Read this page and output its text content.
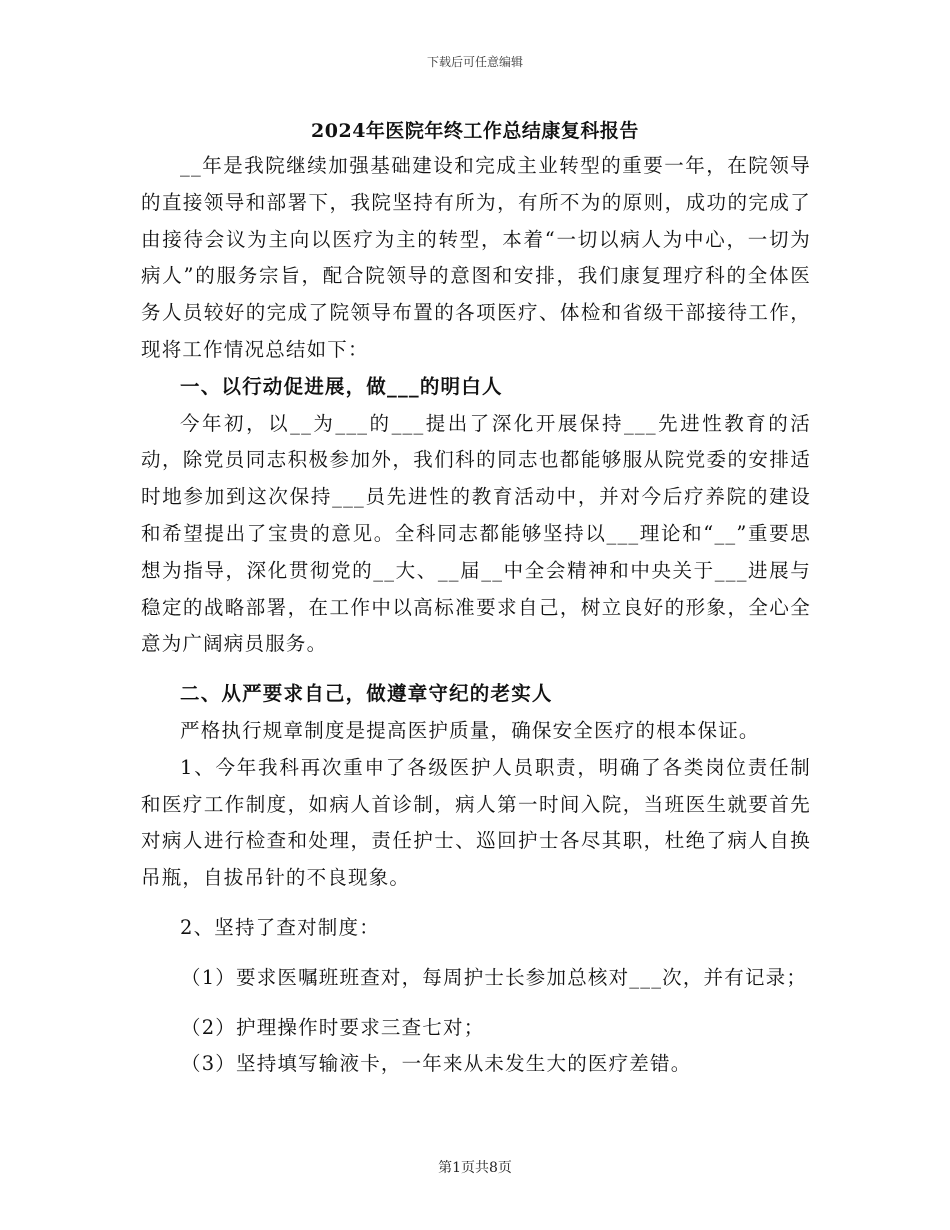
下载后可任意编辑
2024年医院年终工作总结康复科报告

__年是我院继续加强基础建设和完成主业转型的重要一年，在院领导的直接领导和部署下，我院坚持有所为，有所不为的原则，成功的完成了由接待会议为主向以医疗为主的转型，本着“一切以病人为中心，一切为病人”的服务宗旨，配合院领导的意图和安排，我们康复理疗科的全体医务人员较好的完成了院领导布置的各项医疗、体检和省级干部接待工作，现将工作情况总结如下：

一、以行动促进展，做___的明白人

今年初，以__为___的___提出了深化开展保持___先进性教育的活动，除党员同志积极参加外，我们科的同志也都能够服从院党委的安排适时地参加到这次保持___员先进性的教育活动中，并对今后疗养院的建设和希望提出了宝贵的意见。全科同志都能够坚持以___理论和“__”重要思想为指导，深化贯彻党的__大、__届__中全会精神和中央关于___进展与稳定的战略部署，在工作中以高标准要求自己，树立良好的形象，全心全意为广阔病员服务。

二、从严要求自己，做遵章守纪的老实人

严格执行规章制度是提高医护质量，确保安全医疗的根本保证。

1、今年我科再次重申了各级医护人员职责，明确了各类岗位责任制和医疗工作制度，如病人首诊制，病人第一时间入院，当班医生就要首先对病人进行检查和处理，责任护士、巡回护士各尽其职，杜绝了病人自换吊瓶，自拔吊针的不良现象。

2、坚持了查对制度：

（1）要求医嘱班班查对，每周护士长参加总核对___次，并有记录；

（2）护理操作时要求三查七对；

（3）坚持填写输液卡，一年来从未发生大的医疗差错。

第1页共8页
